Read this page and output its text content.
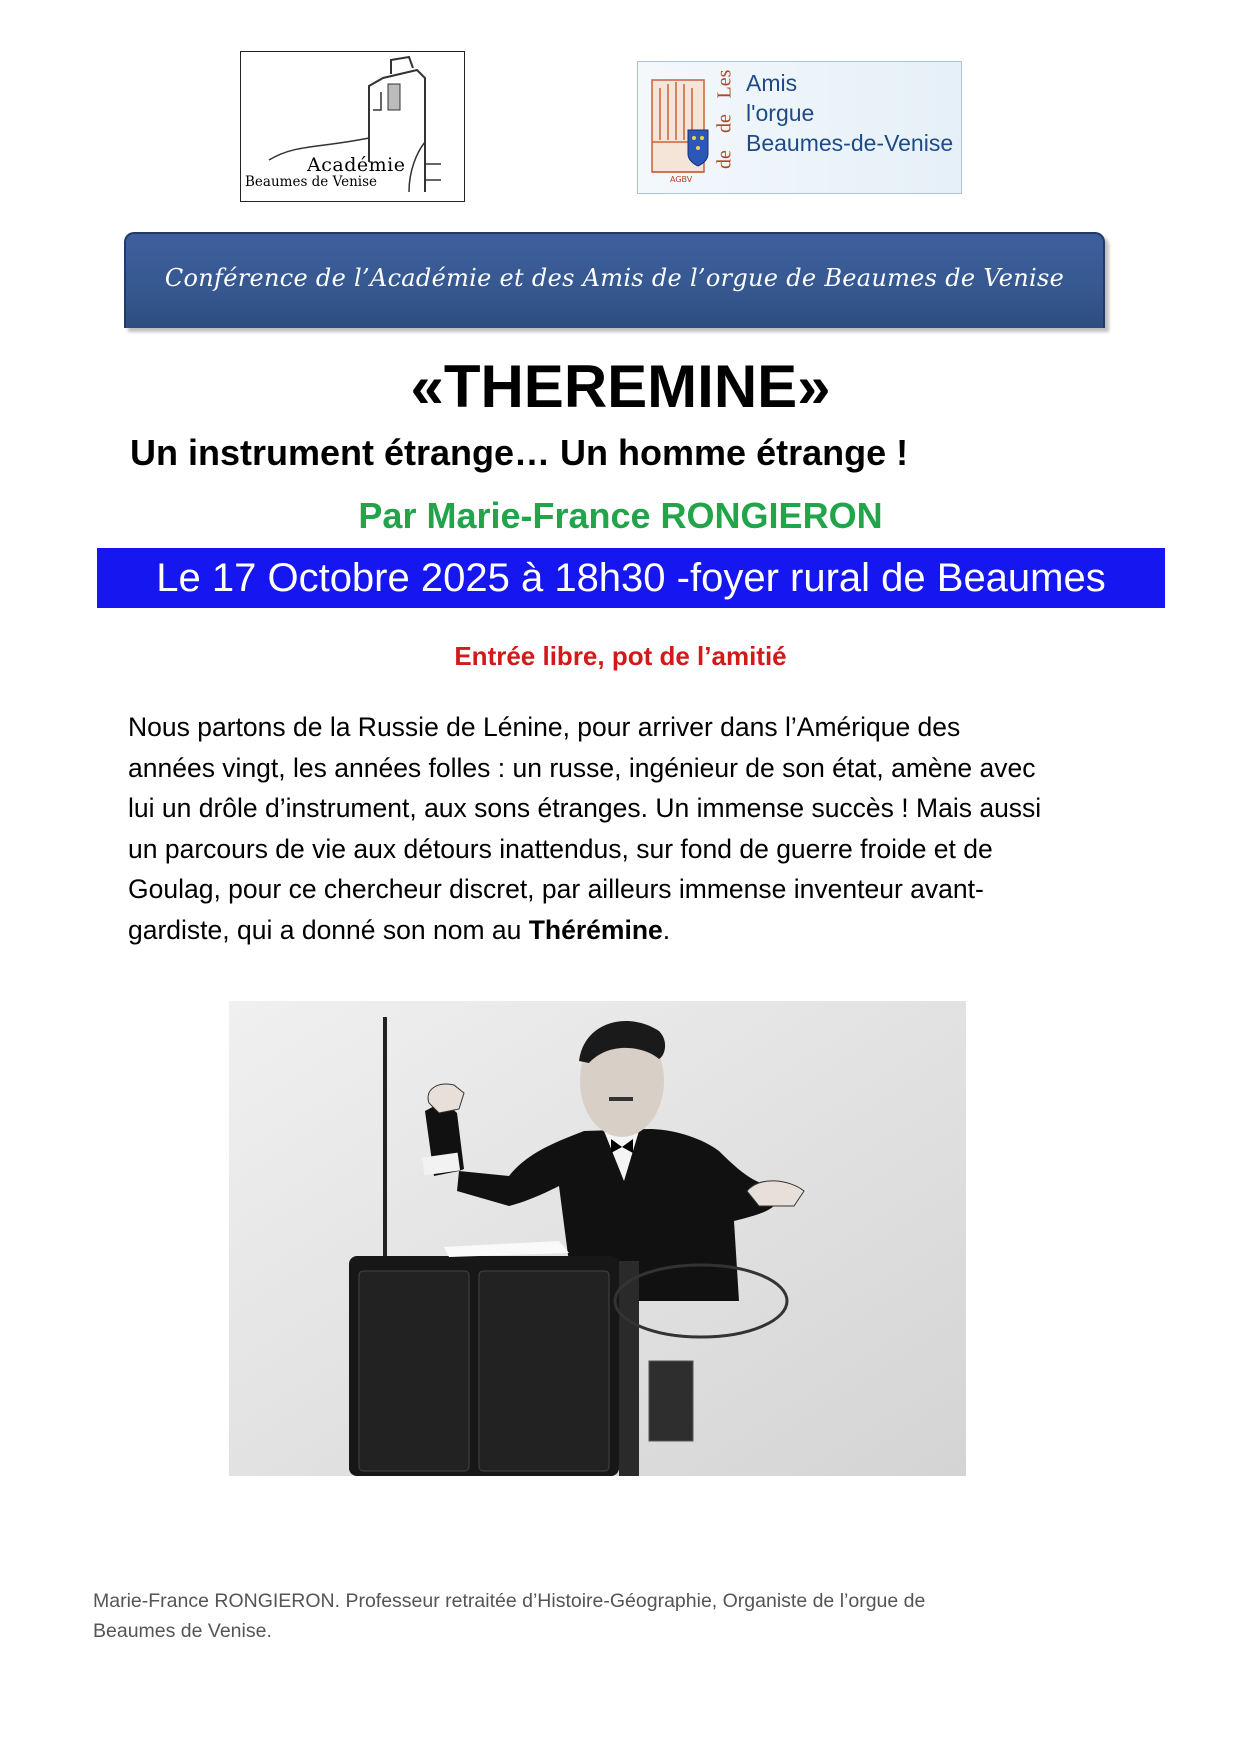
Académie
Beaumes de Venise	AGBV
Les
de
de
Amis
l'orgue
Beaumes-de-Venise
Conférence de l’Académie et des Amis de l’orgue de Beaumes de Venise
«THEREMINE»
Un instrument étrange… Un homme étrange !
Par Marie-France RONGIERON
Le 17 Octobre 2025 à 18h30 -foyer rural de Beaumes
Entrée libre, pot de l’amitié
Nous partons de la Russie de Lénine, pour arriver dans l’Amérique des
années vingt, les années folles : un russe, ingénieur de son état, amène avec
lui un drôle d’instrument, aux sons étranges. Un immense succès ! Mais aussi
un parcours de vie aux détours inattendus, sur fond de guerre froide et de
Goulag, pour ce chercheur discret, par ailleurs immense inventeur avant-
gardiste, qui a donné son nom au Thérémine.
Marie-France RONGIERON. Professeur retraitée d’Histoire-Géographie, Organiste de l’orgue de
Beaumes de Venise.
